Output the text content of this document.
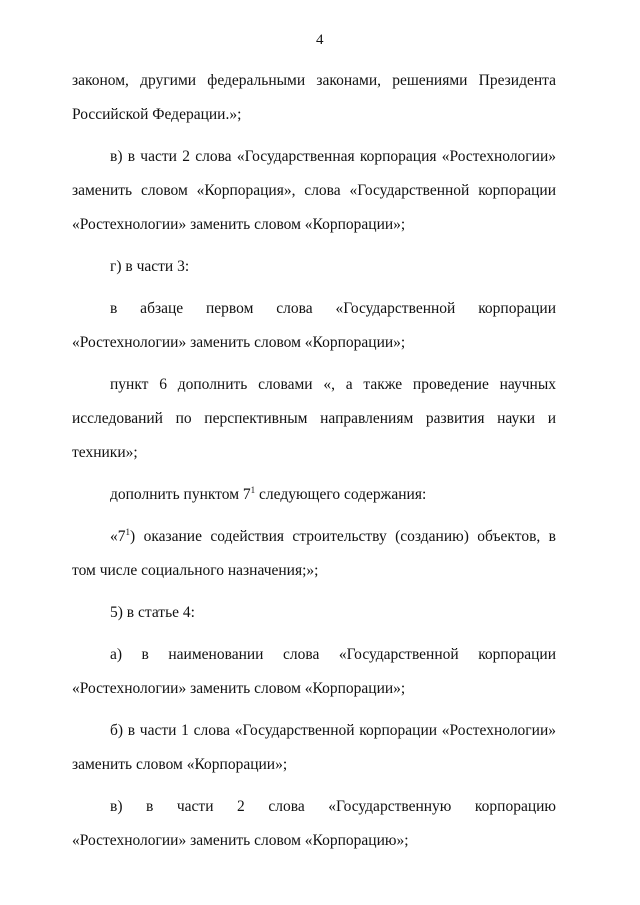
4

законом, другими федеральными законами, решениями Президента Российской Федерации.»;

в) в части 2 слова «Государственная корпорация «Ростехнологии» заменить словом «Корпорация», слова «Государственной корпорации «Ростехнологии» заменить словом «Корпорации»;

г) в части 3:

в абзаце первом слова «Государственной корпорации «Ростехнологии» заменить словом «Корпорации»;

пункт 6 дополнить словами «, а также проведение научных исследований по перспективным направлениям развития науки и техники»;

дополнить пунктом $7^1$ следующего содержания:

«$7^1$) оказание содействия строительству (созданию) объектов, в том числе социального назначения;»;

5) в статье 4:

а) в наименовании слова «Государственной корпорации «Ростехнологии» заменить словом «Корпорации»;

б) в части 1 слова «Государственной корпорации «Ростехнологии» заменить словом «Корпорации»;

в) в части 2 слова «Государственную корпорацию «Ростехнологии» заменить словом «Корпорацию»;
